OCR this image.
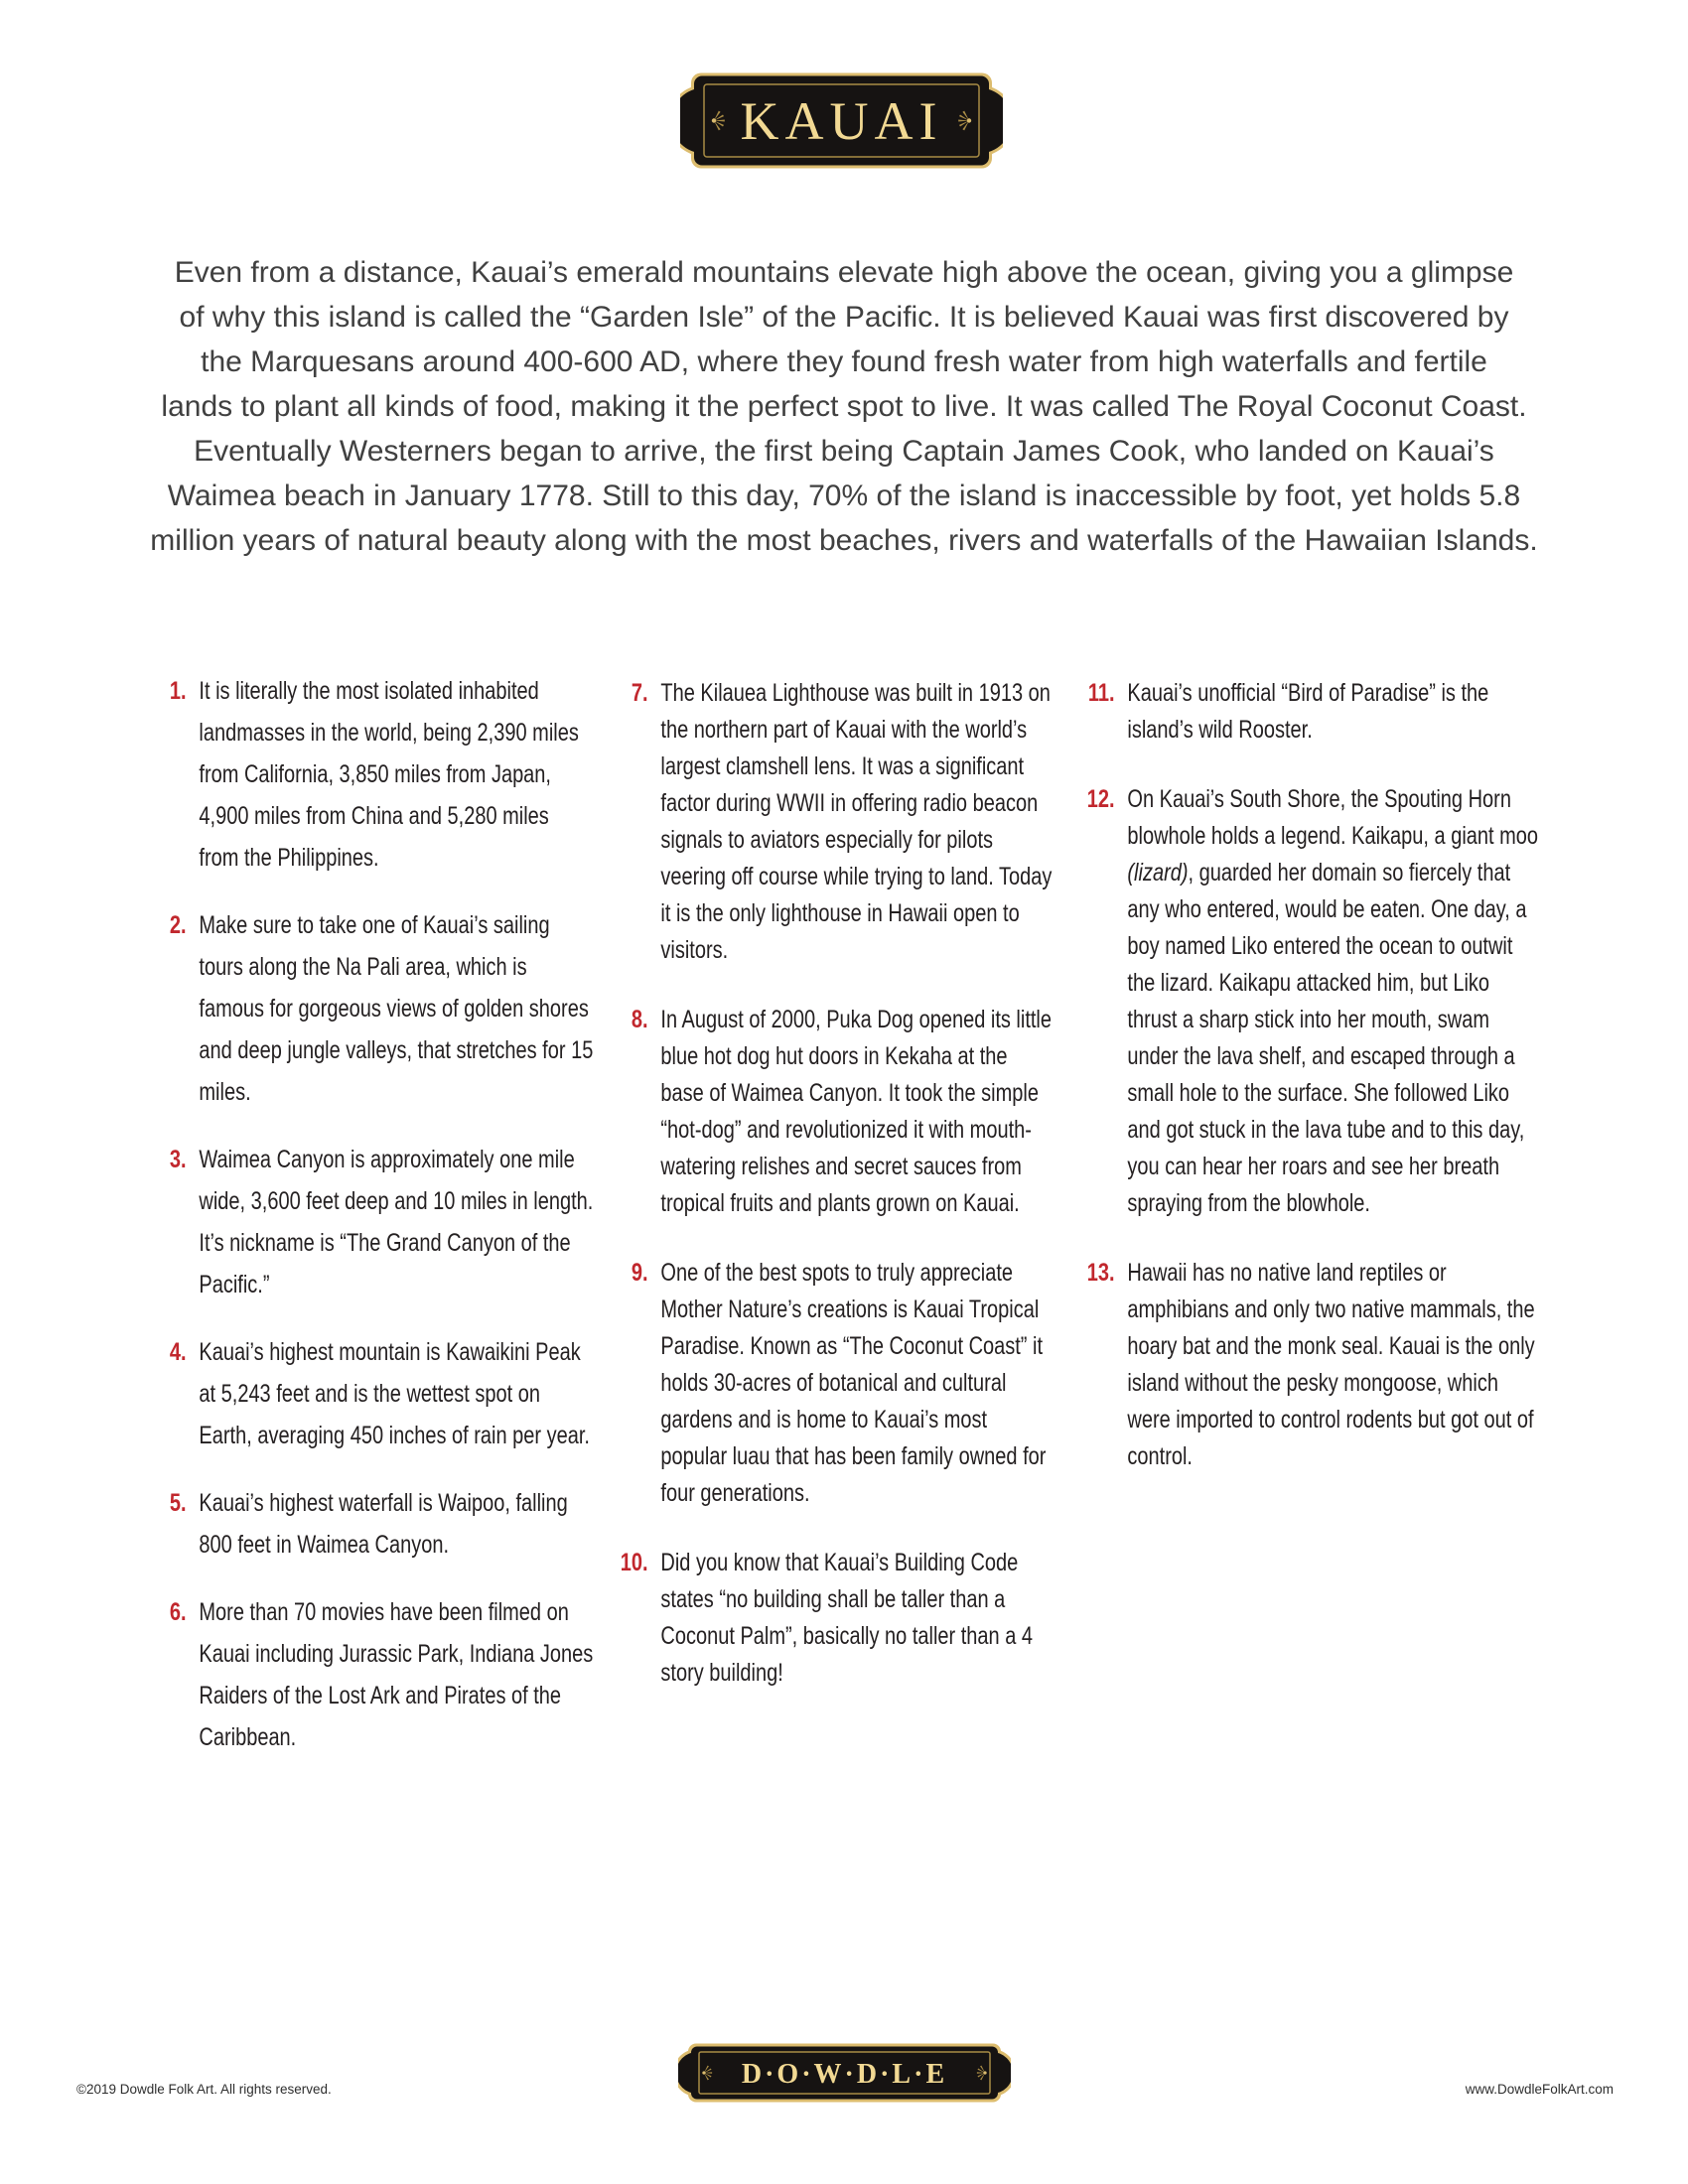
KAUAI
Even from a distance, Kauai’s emerald mountains elevate high above the ocean, giving you a glimpse
of why this island is called the “Garden Isle” of the Pacific. It is believed Kauai was first discovered by
the Marquesans around 400-600 AD, where they found fresh water from high waterfalls and fertile
lands to plant all kinds of food, making it the perfect spot to live. It was called The Royal Coconut Coast.
Eventually Westerners began to arrive, the first being Captain James Cook, who landed on Kauai’s
Waimea beach in January 1778. Still to this day, 70% of the island is inaccessible by foot, yet holds 5.8
million years of natural beauty along with the most beaches, rivers and waterfalls of the Hawaiian Islands.
1. It is literally the most isolated inhabited landmasses in the world, being 2,390 miles from California, 3,850 miles from Japan, 4,900 miles from China and 5,280 miles from the Philippines.
2. Make sure to take one of Kauai’s sailing tours along the Na Pali area, which is famous for gorgeous views of golden shores and deep jungle valleys, that stretches for 15 miles.
3. Waimea Canyon is approximately one mile wide, 3,600 feet deep and 10 miles in length. It’s nickname is “The Grand Canyon of the Pacific.”
4. Kauai’s highest mountain is Kawaikini Peak at 5,243 feet and is the wettest spot on Earth, averaging 450 inches of rain per year.
5. Kauai’s highest waterfall is Waipoo, falling 800 feet in Waimea Canyon.
6. More than 70 movies have been filmed on Kauai including Jurassic Park, Indiana Jones Raiders of the Lost Ark and Pirates of the Caribbean.
7. The Kilauea Lighthouse was built in 1913 on the northern part of Kauai with the world’s largest clamshell lens. It was a significant factor during WWII in offering radio beacon signals to aviators especially for pilots veering off course while trying to land. Today it is the only lighthouse in Hawaii open to visitors.
8. In August of 2000, Puka Dog opened its little blue hot dog hut doors in Kekaha at the base of Waimea Canyon. It took the simple “hot-dog” and revolutionized it with mouth-watering relishes and secret sauces from tropical fruits and plants grown on Kauai.
9. One of the best spots to truly appreciate Mother Nature’s creations is Kauai Tropical Paradise. Known as “The Coconut Coast” it holds 30-acres of botanical and cultural gardens and is home to Kauai’s most popular luau that has been family owned for four generations.
10. Did you know that Kauai’s Building Code states “no building shall be taller than a Coconut Palm”, basically no taller than a 4 story building!
11. Kauai’s unofficial “Bird of Paradise” is the island’s wild Rooster.
12. On Kauai’s South Shore, the Spouting Horn blowhole holds a legend. Kaikapu, a giant moo (lizard), guarded her domain so fiercely that any who entered, would be eaten. One day, a boy named Liko entered the ocean to outwit the lizard. Kaikapu attacked him, but Liko thrust a sharp stick into her mouth, swam under the lava shelf, and escaped through a small hole to the surface. She followed Liko and got stuck in the lava tube and to this day, you can hear her roars and see her breath spraying from the blowhole.
13. Hawaii has no native land reptiles or amphibians and only two native mammals, the hoary bat and the monk seal. Kauai is the only island without the pesky mongoose, which were imported to control rodents but got out of control.
D·O·W·D·L·E
©2019 Dowdle Folk Art. All rights reserved.	www.DowdleFolkArt.com
